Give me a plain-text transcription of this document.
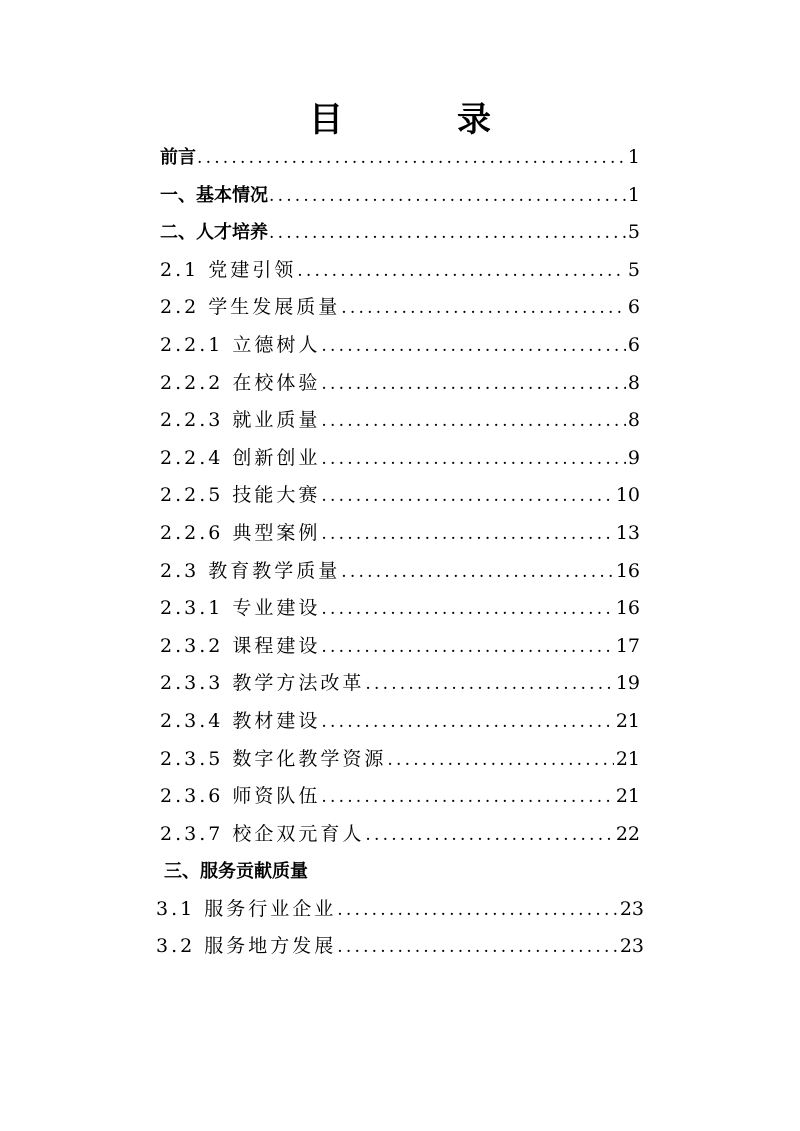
目　录
前言 .....	1
一、基本情况 .....	1
二、人才培养 .....	5
2.1 党建引领 .....	5
2.2 学生发展质量 .....	6
2.2.1 立德树人 .....	6
2.2.2 在校体验 .....	8
2.2.3 就业质量 .....	8
2.2.4 创新创业 .....	9
2.2.5 技能大赛 .....	10
2.2.6 典型案例 .....	13
2.3 教育教学质量 .....	16
2.3.1 专业建设 .....	16
2.3.2 课程建设 .....	17
2.3.3 教学方法改革 .....	19
2.3.4 教材建设 .....	21
2.3.5 数字化教学资源 .....	21
2.3.6 师资队伍 .....	21
2.3.7 校企双元育人 .....	22
三、服务贡献质量
3.1 服务行业企业 .....	23
3.2 服务地方发展 .....	23
